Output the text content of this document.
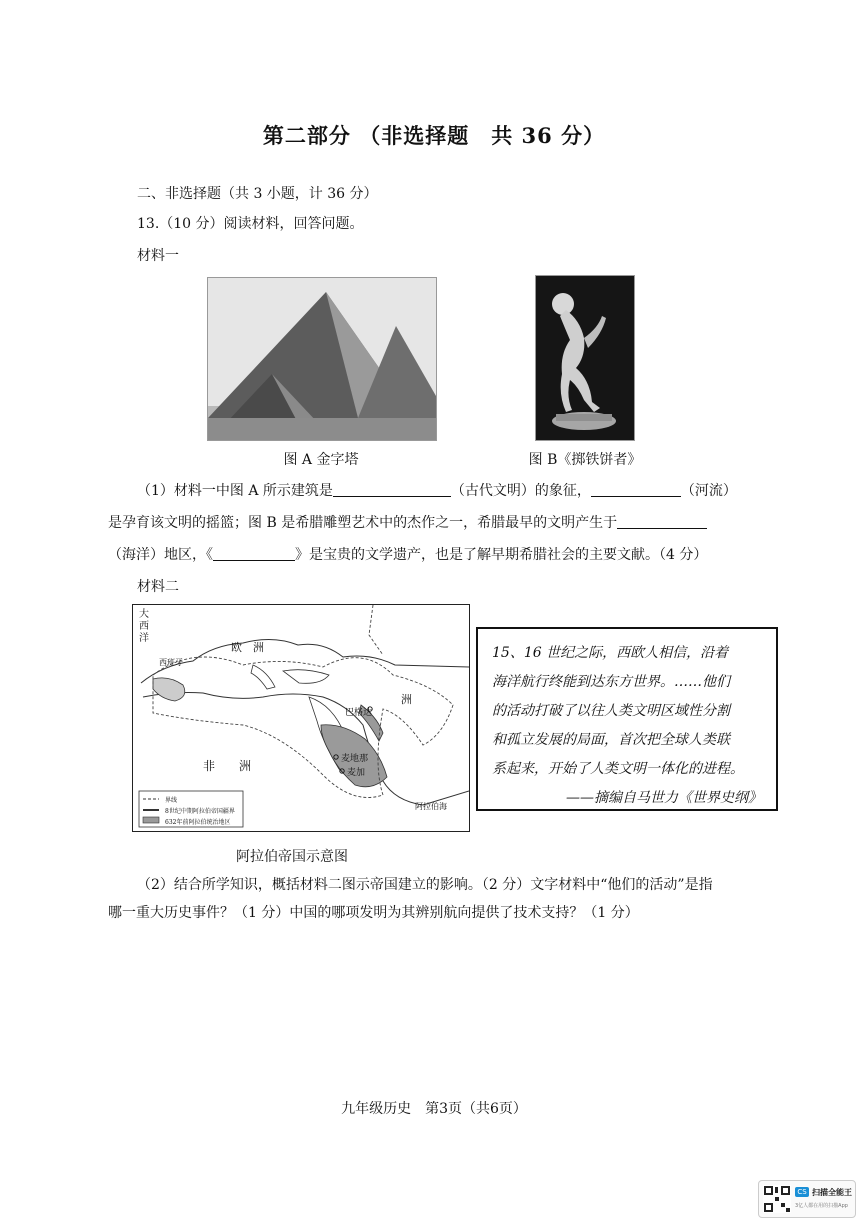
第二部分 （非选择题　共 36 分）
二、非选择题（共 3 小题，计 36 分）
13.（10 分）阅读材料，回答问题。
材料一
图 A 金字塔	图 B《掷铁饼者》
（1）材料一中图 A 所示建筑是	（古代文明）的象征，	（河流）
是孕育该文明的摇篮；图 B 是希腊雕塑艺术中的杰作之一，希腊最早的文明产生于
（海洋）地区，《	》是宝贵的文学遗产，也是了解早期希腊社会的主要文献。（4 分）
材料二
大西洋
欧　洲
洲
西班牙
巴格达
非　　洲
阿拉伯海
麦地那
麦加
界线
8世纪中期阿拉伯帝国疆界
632年前阿拉伯统治地区
阿拉伯帝国示意图

15、16 世纪之际，西欧人相信，沿着

海洋航行终能到达东方世界。……他们

的活动打破了以往人类文明区域性分割

和孤立发展的局面，首次把全球人类联

系起来，开始了人类文明一体化的进程。

——摘编自马世力《世界史纲》

（2）结合所学知识，概括材料二图示帝国建立的影响。（2 分）文字材料中“他们的活动”是指
哪一重大历史事件？（1 分）中国的哪项发明为其辨别航向提供了技术支持？（1 分）
九年级历史　第3页（共6页）
CS 扫描全能王
3亿人都在用的扫描App
